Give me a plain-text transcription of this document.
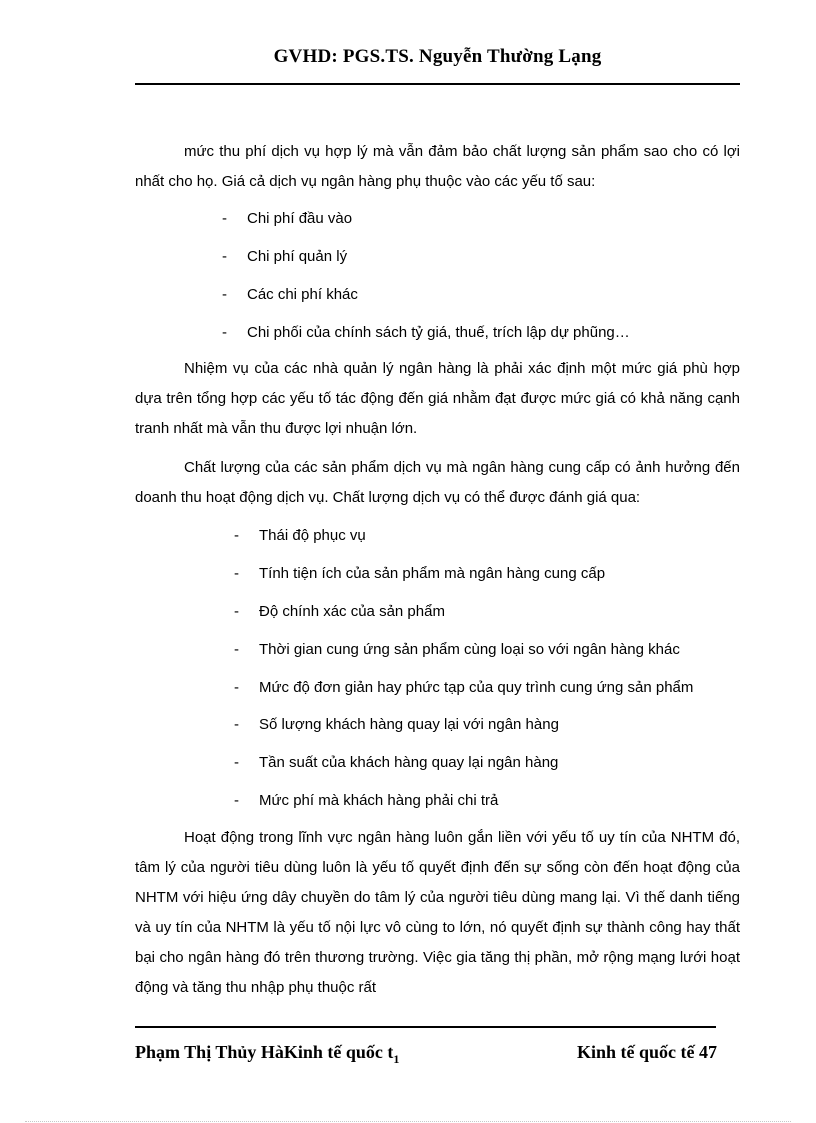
GVHD: PGS.TS. Nguyễn Thường Lạng

mức thu phí dịch vụ hợp lý mà vẫn đảm bảo chất lượng sản phẩm sao cho có lợi nhất cho họ. Giá cả dịch vụ ngân hàng phụ thuộc vào các yếu tố sau:

- Chi phí đầu vào
- Chi phí quản lý
- Các chi phí khác
- Chi phối của chính sách tỷ giá, thuế, trích lập dự phũng…

Nhiệm vụ của các nhà quản lý ngân hàng là phải xác định một mức giá phù hợp dựa trên tổng hợp các yếu tố tác động đến giá nhằm đạt được mức giá có khả năng cạnh tranh nhất mà vẫn thu được lợi nhuận lớn.

Chất lượng của các sản phẩm dịch vụ mà ngân hàng cung cấp có ảnh hưởng đến doanh thu hoạt động dịch vụ. Chất lượng dịch vụ có thể được đánh giá qua:

- Thái độ phục vụ
- Tính tiện ích của sản phẩm mà ngân hàng cung cấp
- Độ chính xác của sản phẩm
- Thời gian cung ứng sản phẩm cùng loại so với ngân hàng khác
- Mức độ đơn giản hay phức tạp của quy trình cung ứng sản phẩm
- Số lượng khách hàng quay lại với ngân hàng
- Tần suất của khách hàng quay lại ngân hàng
- Mức phí mà khách hàng phải chi trả

Hoạt động trong lĩnh vực ngân hàng luôn gắn liền với yếu tố uy tín của NHTM đó, tâm lý của người tiêu dùng luôn là yếu tố quyết định đến sự sống còn đến hoạt động của NHTM với hiệu ứng dây chuyền do tâm lý của người tiêu dùng mang lại. Vì thế danh tiếng và uy tín của NHTM là yếu tố nội lực vô cùng to lớn, nó quyết định sự thành công hay thất bại cho ngân hàng đó trên thương trường. Việc gia tăng thị phần, mở rộng mạng lưới hoạt động và tăng thu nhập phụ thuộc rất

Phạm Thị Thủy HàKinh tế quốc $t_1$	Kinh tế quốc tế 47
